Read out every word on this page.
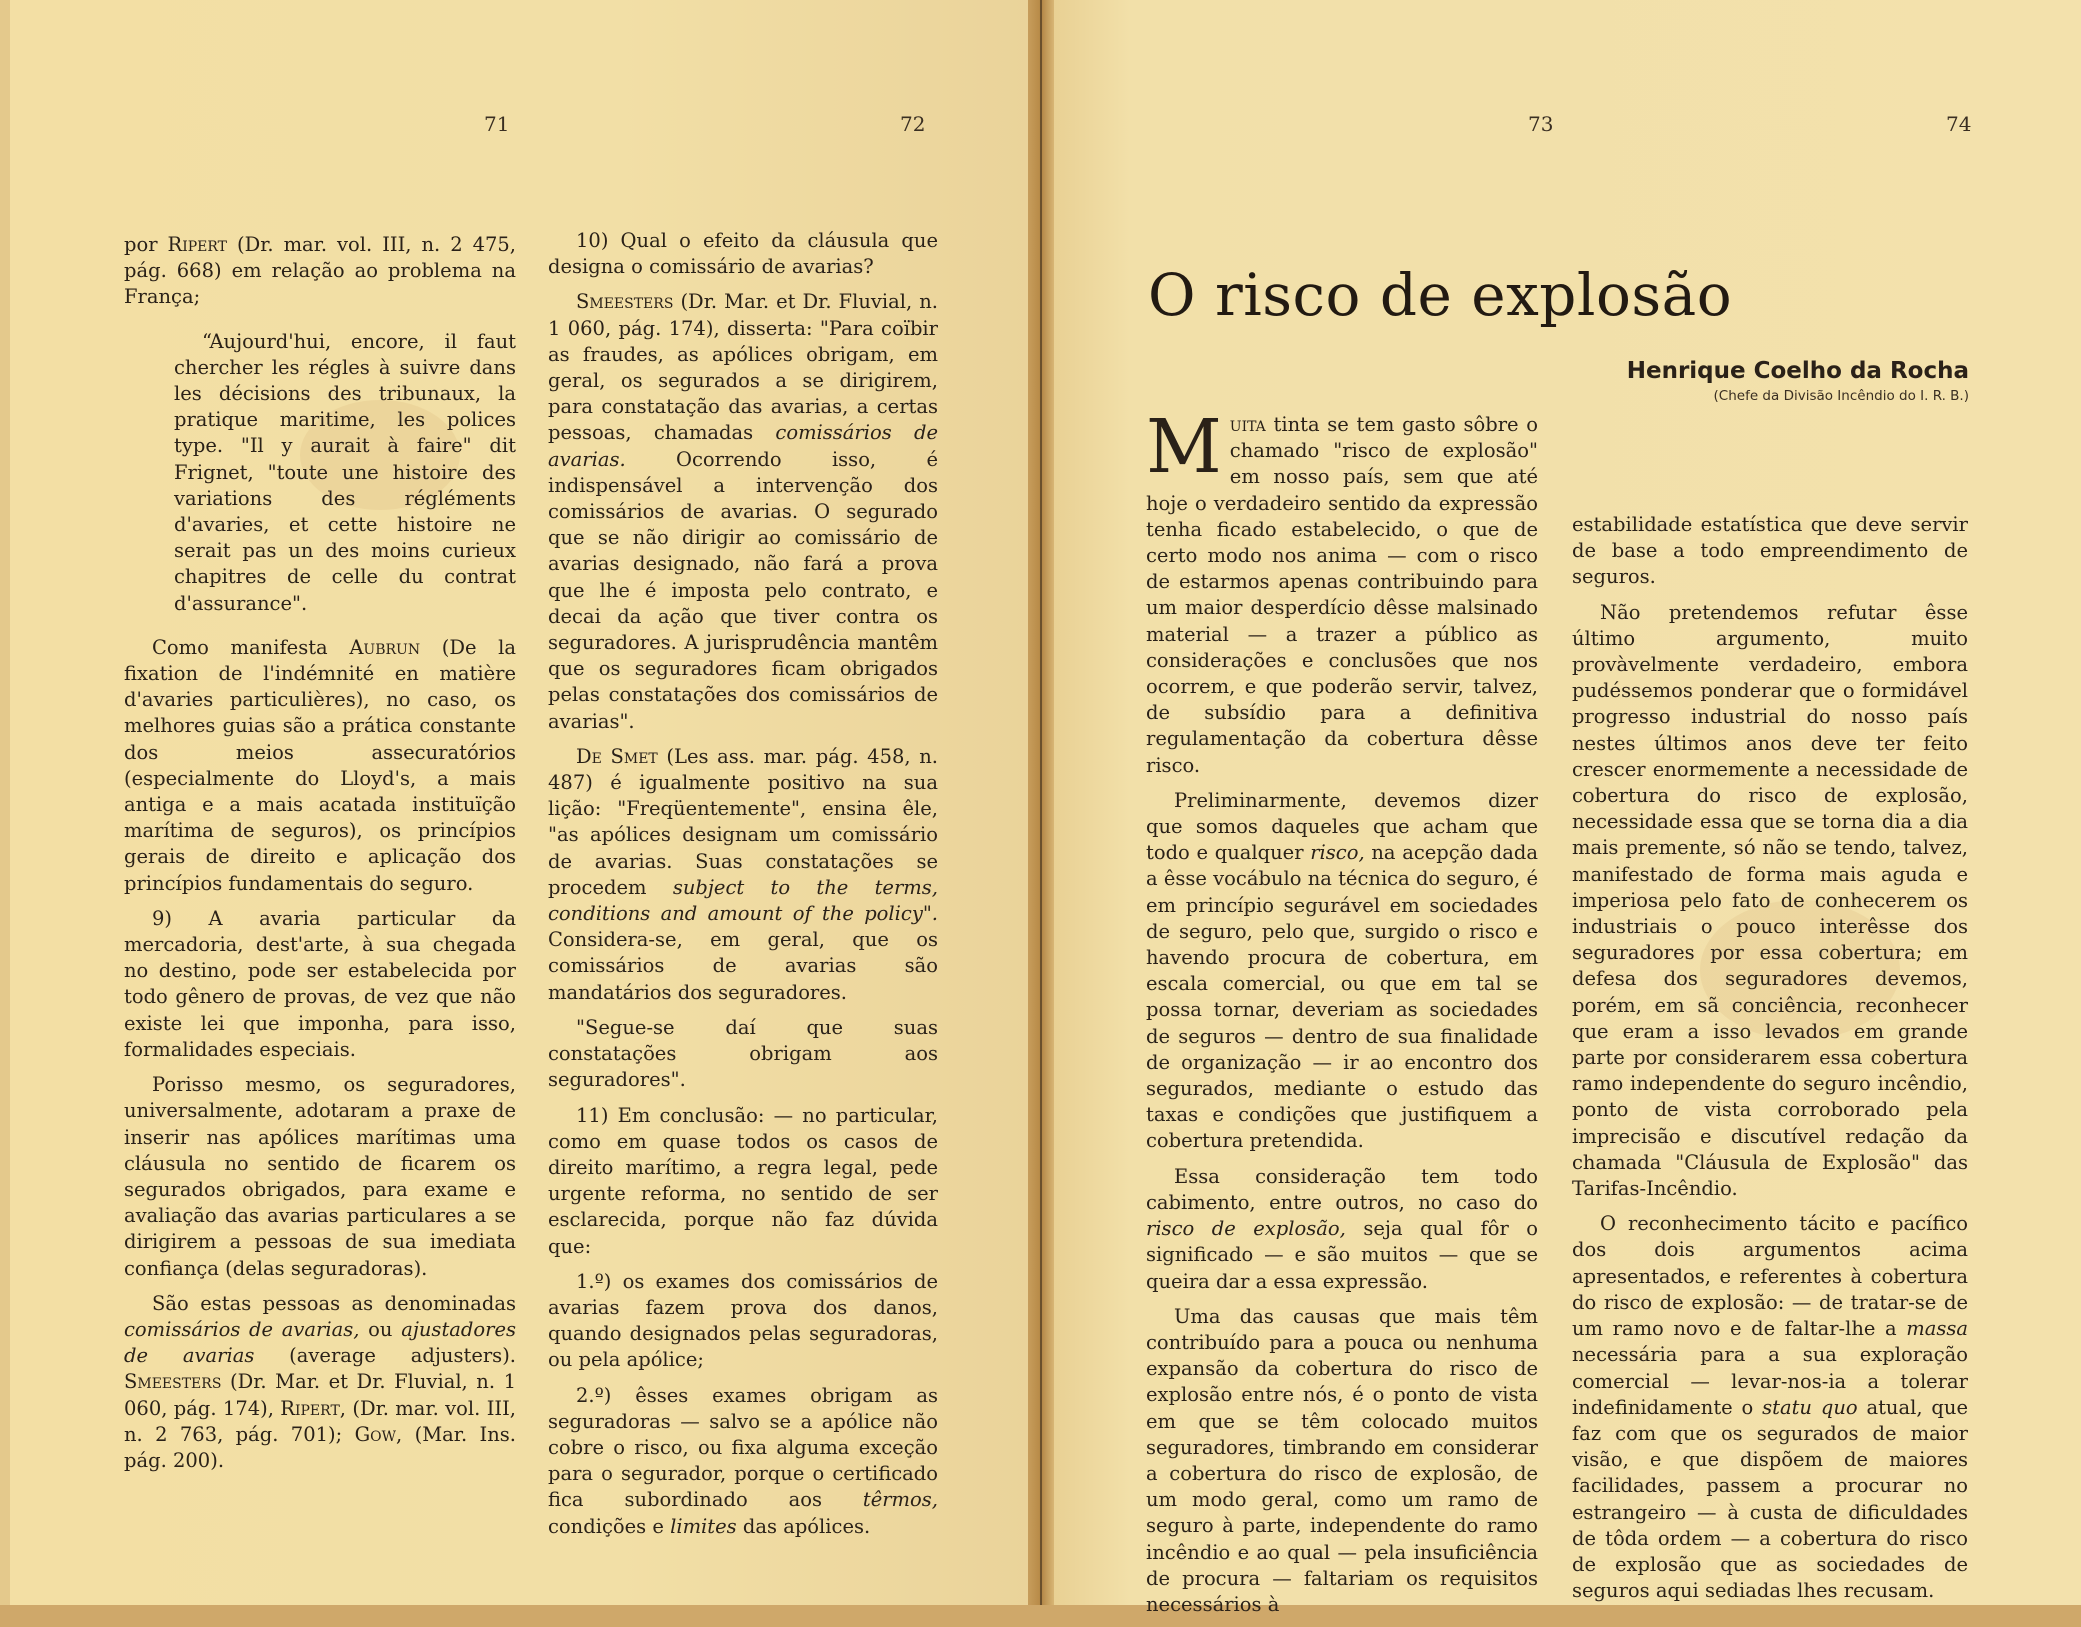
71	72	73	74

por Ripert (Dr. mar. vol. III, n. 2 475, pág. 668) em relação ao problema na França;

“Aujourd'hui, encore, il faut chercher les régles à suivre dans les décisions des tribunaux, la pratique maritime, les polices type. "Il y aurait à faire" dit Frignet, "toute une histoire des variations des régléments d'avaries, et cette histoire ne serait pas un des moins curieux chapitres de celle du contrat d'assurance".

Como manifesta Aubrun (De la fixation de l'indémnité en matière d'avaries particulières), no caso, os melhores guias são a prática constante dos meios assecuratórios (especialmente do Lloyd's, a mais antiga e a mais acatada instituïção marítima de seguros), os princípios gerais de direito e aplicação dos princípios fundamentais do seguro.

9) A avaria particular da mercadoria, dest'arte, à sua chegada no destino, pode ser estabelecida por todo gênero de provas, de vez que não existe lei que imponha, para isso, formalidades especiais.

Porisso mesmo, os seguradores, universalmente, adotaram a praxe de inserir nas apólices marítimas uma cláusula no sentido de ficarem os segurados obrigados, para exame e avaliação das avarias particulares a se dirigirem a pessoas de sua imediata confiança (delas seguradoras).

São estas pessoas as denominadas comissários de avarias, ou ajustadores de avarias (average adjusters). Smeesters (Dr. Mar. et Dr. Fluvial, n. 1 060, pág. 174), Ripert, (Dr. mar. vol. III, n. 2 763, pág. 701); Gow, (Mar. Ins. pág. 200).

10) Qual o efeito da cláusula que designa o comissário de avarias?

Smeesters (Dr. Mar. et Dr. Fluvial, n. 1 060, pág. 174), disserta: "Para coïbir as fraudes, as apólices obrigam, em geral, os segurados a se dirigirem, para constatação das avarias, a certas pessoas, chamadas comissários de avarias. Ocorrendo isso, é indispensável a intervenção dos comissários de avarias. O segurado que se não dirigir ao comissário de avarias designado, não fará a prova que lhe é imposta pelo contrato, e decai da ação que tiver contra os seguradores. A jurisprudência mantêm que os seguradores ficam obrigados pelas constatações dos comissários de avarias".

De Smet (Les ass. mar. pág. 458, n. 487) é igualmente positivo na sua lição: "Freqüentemente", ensina êle, "as apólices designam um comissário de avarias. Suas constatações se procedem subject to the terms, conditions and amount of the policy". Considera-se, em geral, que os comissários de avarias são mandatários dos seguradores.

"Segue-se daí que suas constatações obrigam aos seguradores".

11) Em conclusão: — no particular, como em quase todos os casos de direito marítimo, a regra legal, pede urgente reforma, no sentido de ser esclarecida, porque não faz dúvida que:

1.º) os exames dos comissários de avarias fazem prova dos danos, quando designados pelas seguradoras, ou pela apólice;

2.º) êsses exames obrigam as seguradoras — salvo se a apólice não cobre o risco, ou fixa alguma exceção para o segurador, porque o certificado fica subordinado aos têrmos, condições e limites das apólices.

O risco de explosão
Henrique Coelho da Rocha
(Chefe da Divisão Incêndio do I. R. B.)

Muita tinta se tem gasto sôbre o chamado "risco de explosão" em nosso país, sem que até hoje o verdadeiro sentido da expressão tenha ficado estabelecido, o que de certo modo nos anima — com o risco de estarmos apenas contribuindo para um maior desperdício dêsse malsinado material — a trazer a público as considerações e conclusões que nos ocorrem, e que poderão servir, talvez, de subsídio para a definitiva regulamentação da cobertura dêsse risco.

Preliminarmente, devemos dizer que somos daqueles que acham que todo e qualquer risco, na acepção dada a êsse vocábulo na técnica do seguro, é em princípio segurável em sociedades de seguro, pelo que, surgido o risco e havendo procura de cobertura, em escala comercial, ou que em tal se possa tornar, deveriam as sociedades de seguros — dentro de sua finalidade de organização — ir ao encontro dos segurados, mediante o estudo das taxas e condições que justifiquem a cobertura pretendida.

Essa consideração tem todo cabimento, entre outros, no caso do risco de explosão, seja qual fôr o significado — e são muitos — que se queira dar a essa expressão.

Uma das causas que mais têm contribuído para a pouca ou nenhuma expansão da cobertura do risco de explosão entre nós, é o ponto de vista em que se têm colocado muitos seguradores, timbrando em considerar a cobertura do risco de explosão, de um modo geral, como um ramo de seguro à parte, independente do ramo incêndio e ao qual — pela insuficiência de procura — faltariam os requisitos necessários à

estabilidade estatística que deve servir de base a todo empreendimento de seguros.

Não pretendemos refutar êsse último argumento, muito provàvelmente verdadeiro, embora pudéssemos ponderar que o formidável progresso industrial do nosso país nestes últimos anos deve ter feito crescer enormemente a necessidade de cobertura do risco de explosão, necessidade essa que se torna dia a dia mais premente, só não se tendo, talvez, manifestado de forma mais aguda e imperiosa pelo fato de conhecerem os industriais o pouco interêsse dos seguradores por essa cobertura; em defesa dos seguradores devemos, porém, em sã conciência, reconhecer que eram a isso levados em grande parte por considerarem essa cobertura ramo independente do seguro incêndio, ponto de vista corroborado pela imprecisão e discutível redação da chamada "Cláusula de Explosão" das Tarifas-Incêndio.

O reconhecimento tácito e pacífico dos dois argumentos acima apresentados, e referentes à cobertura do risco de explosão: — de tratar-se de um ramo novo e de faltar-lhe a massa necessária para a sua exploração comercial — levar-nos-ia a tolerar indefinidamente o statu quo atual, que faz com que os segurados de maior visão, e que dispõem de maiores facilidades, passem a procurar no estrangeiro — à custa de dificuldades de tôda ordem — a cobertura do risco de explosão que as sociedades de seguros aqui sediadas lhes recusam.
